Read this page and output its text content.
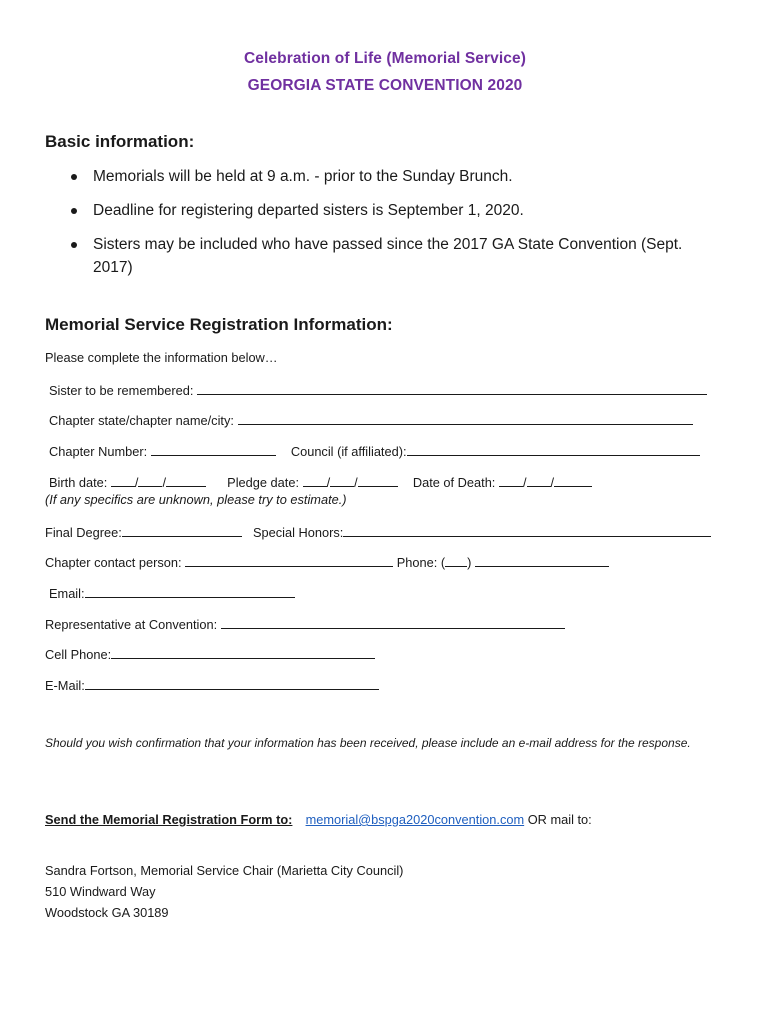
Celebration of Life (Memorial Service)
GEORGIA STATE CONVENTION 2020
Basic information:
Memorials will be held at 9 a.m. - prior to the Sunday Brunch.
Deadline for registering departed sisters is September 1, 2020.
Sisters may be included who have passed since the 2017 GA State Convention (Sept. 2017)
Memorial Service Registration Information:
Please complete the information below…
Sister to be remembered:
Chapter state/chapter name/city:
Chapter Number:	Council (if affiliated):
Birth date: / /	Pledge date: / /	Date of Death: / /
(If any specifics are unknown, please try to estimate.)
Final Degree:	Special Honors:
Chapter contact person:	Phone: ( )
Email:
Representative at Convention:
Cell Phone:
E-Mail:
Should you wish confirmation that your information has been received, please include an e-mail address for the response.
Send the Memorial Registration Form to: memorial@bspga2020convention.com OR mail to:
Sandra Fortson, Memorial Service Chair (Marietta City Council)
510 Windward Way
Woodstock GA 30189
